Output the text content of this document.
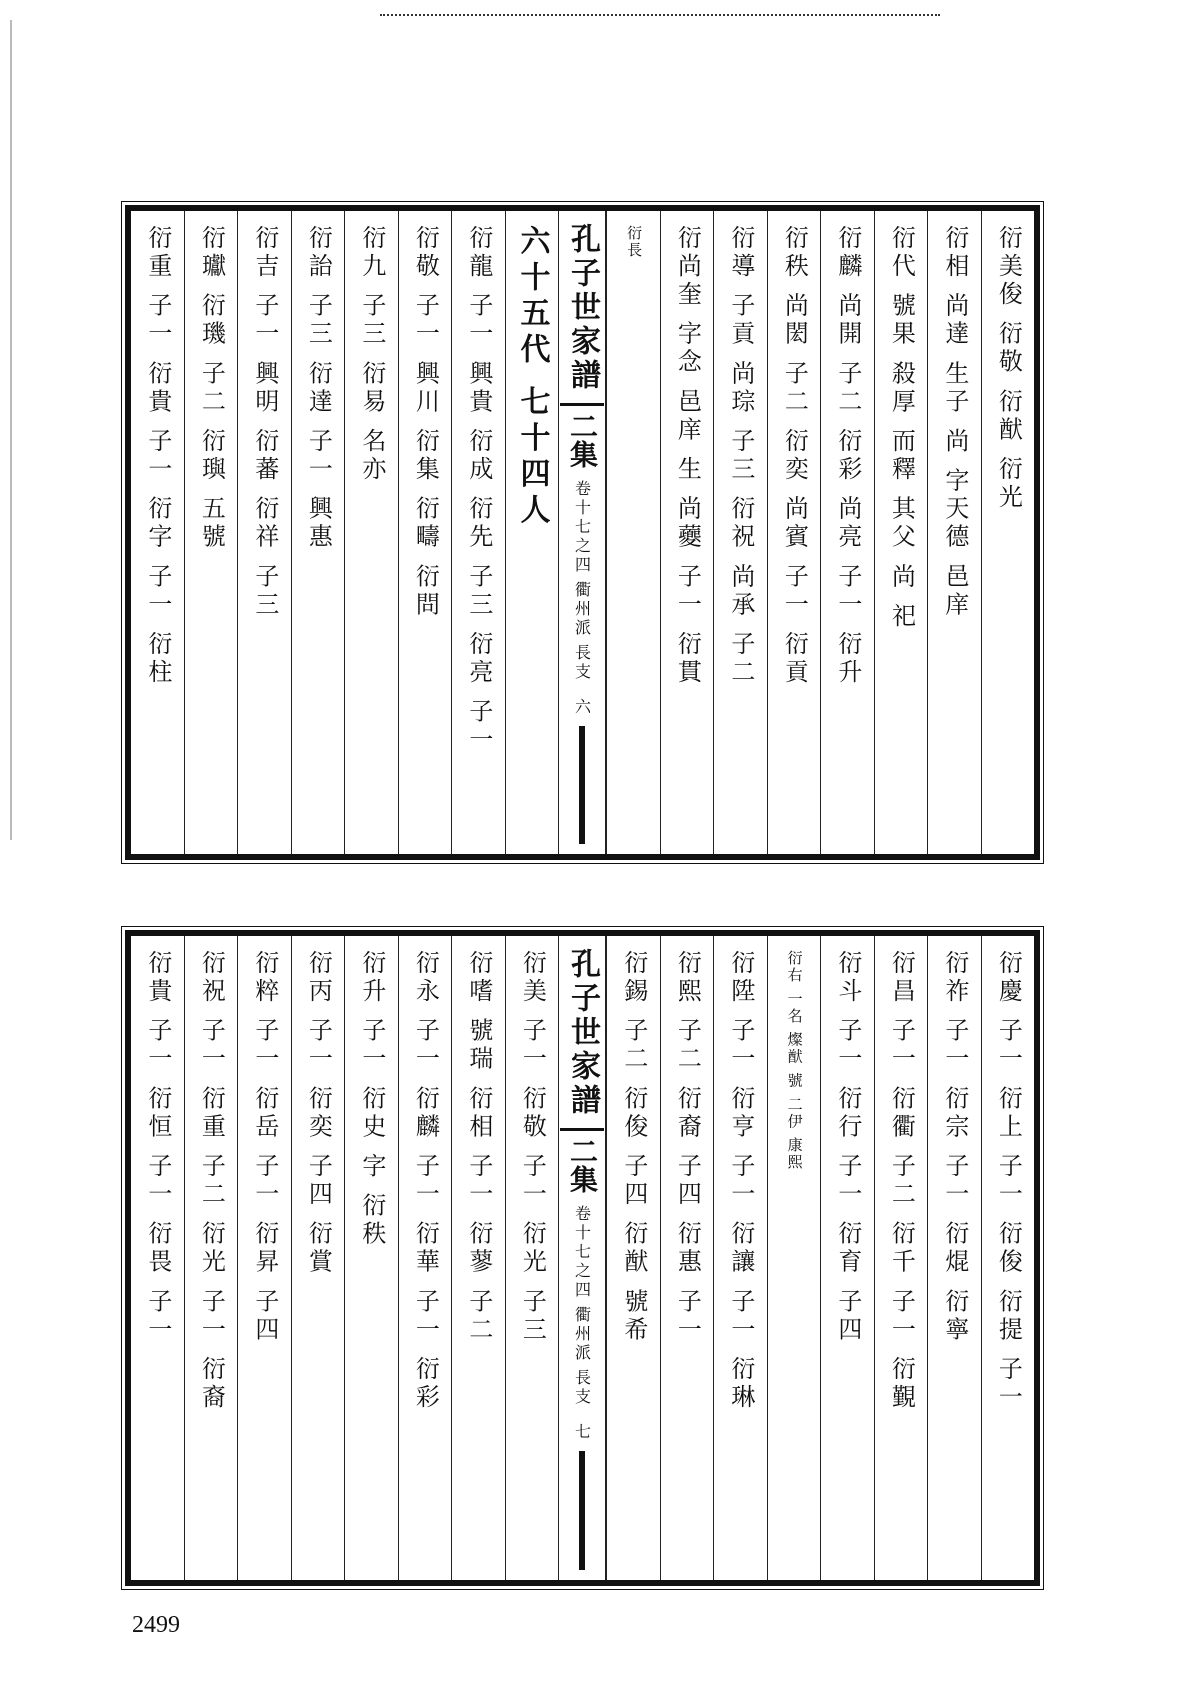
衍美俊 衍敬 衍猷 衍光
衍相 尚達 生子 尚 字天德 邑庠
衍代 號果 殺厚 而釋 其父 尚 祀
衍麟 尚開 子二 衍彩 尚亮 子一 衍升
衍秩 尚閎 子二 衍奕 尚賓 子一 衍貢
衍導 子貢 尚琮 子三 衍祝 尚承 子二
衍尚奎 字念 邑庠 生 尚蘷 子一 衍貫
衍長
孔子世家譜
二集
卷十七之四
衢州派
長支
六
六十五代 七十四人
衍龍 子一 興貴 衍成 衍先 子三 衍亮 子一
衍敬 子一 興川 衍集 衍疇 衍問
衍九 子三 衍易 名亦
衍詒 子三 衍達 子一 興惠
衍吉 子一 興明 衍蕃 衍祥 子三
衍瓛 衍璣 子二 衍璵 五號
衍重 子一 衍貴 子一 衍字 子一 衍柱
衍慶 子一 衍上 子一 衍俊 衍提 子一
衍祚 子一 衍宗 子一 衍焜 衍寧
衍昌 子一 衍衢 子二 衍千 子一 衍覲
衍斗 子一 衍行 子一 衍育 子四
衍右 一名 燦猷 號 二伊 康熙
衍陞 子一 衍亨 子一 衍讓 子一 衍琳
衍熙 子二 衍裔 子四 衍惠 子一
衍錫 子二 衍俊 子四 衍猷 號希
孔子世家譜
二集
卷十七之四
衢州派
長支
七
衍美 子一 衍敬 子一 衍光 子三
衍嗜 號瑞 衍相 子一 衍蓼 子二
衍永 子一 衍麟 子一 衍華 子一 衍彩
衍升 子一 衍史 字 衍秩
衍丙 子一 衍奕 子四 衍賞
衍粹 子一 衍岳 子一 衍昇 子四
衍祝 子一 衍重 子二 衍光 子一 衍裔
衍貴 子一 衍恒 子一 衍畏 子一
2499
